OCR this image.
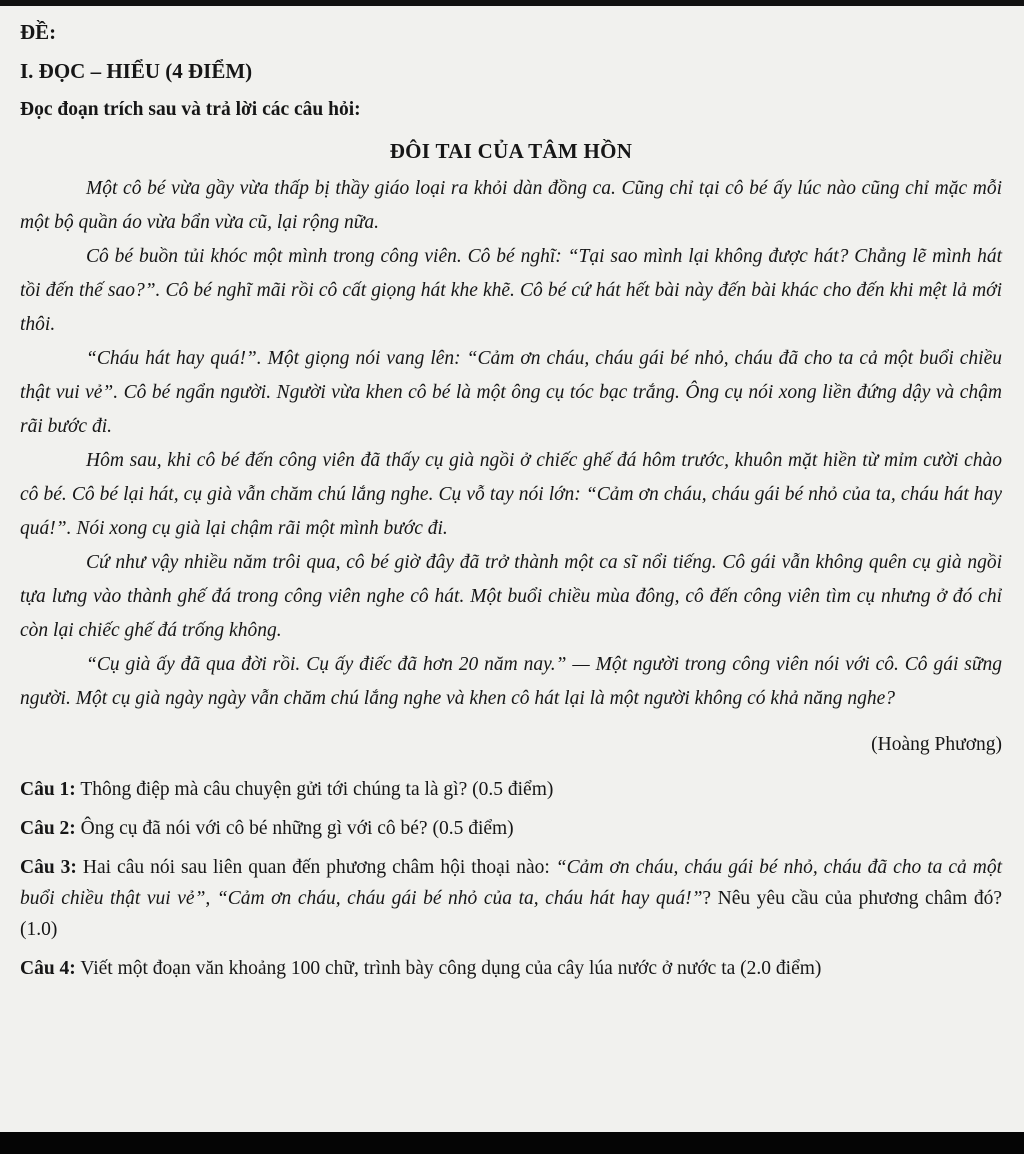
ĐỀ:
I. ĐỌC – HIỂU (4 ĐIỂM)
Đọc đoạn trích sau và trả lời các câu hỏi:
ĐÔI TAI CỦA TÂM HỒN

Một cô bé vừa gầy vừa thấp bị thầy giáo loại ra khỏi dàn đồng ca. Cũng chỉ tại cô bé ấy lúc nào cũng chỉ mặc mỗi một bộ quần áo vừa bẩn vừa cũ, lại rộng nữa.

Cô bé buồn tủi khóc một mình trong công viên. Cô bé nghĩ: “Tại sao mình lại không được hát? Chẳng lẽ mình hát tồi đến thế sao?”. Cô bé nghĩ mãi rồi cô cất giọng hát khe khẽ. Cô bé cứ hát hết bài này đến bài khác cho đến khi mệt lả mới thôi.

“Cháu hát hay quá!”. Một giọng nói vang lên: “Cảm ơn cháu, cháu gái bé nhỏ, cháu đã cho ta cả một buổi chiều thật vui vẻ”. Cô bé ngẩn người. Người vừa khen cô bé là một ông cụ tóc bạc trắng. Ông cụ nói xong liền đứng dậy và chậm rãi bước đi.

Hôm sau, khi cô bé đến công viên đã thấy cụ già ngồi ở chiếc ghế đá hôm trước, khuôn mặt hiền từ mỉm cười chào cô bé. Cô bé lại hát, cụ già vẫn chăm chú lắng nghe. Cụ vỗ tay nói lớn: “Cảm ơn cháu, cháu gái bé nhỏ của ta, cháu hát hay quá!”. Nói xong cụ già lại chậm rãi một mình bước đi.

Cứ như vậy nhiều năm trôi qua, cô bé giờ đây đã trở thành một ca sĩ nổi tiếng. Cô gái vẫn không quên cụ già ngồi tựa lưng vào thành ghế đá trong công viên nghe cô hát. Một buổi chiều mùa đông, cô đến công viên tìm cụ nhưng ở đó chỉ còn lại chiếc ghế đá trống không.

“Cụ già ấy đã qua đời rồi. Cụ ấy điếc đã hơn 20 năm nay.” — Một người trong công viên nói với cô. Cô gái sững người. Một cụ già ngày ngày vẫn chăm chú lắng nghe và khen cô hát lại là một người không có khả năng nghe?

(Hoàng Phương)
Câu 1: Thông điệp mà câu chuyện gửi tới chúng ta là gì? (0.5 điểm)
Câu 2: Ông cụ đã nói với cô bé những gì với cô bé? (0.5 điểm)
Câu 3: Hai câu nói sau liên quan đến phương châm hội thoại nào: “Cảm ơn cháu, cháu gái bé nhỏ, cháu đã cho ta cả một buổi chiều thật vui vẻ”, “Cảm ơn cháu, cháu gái bé nhỏ của ta, cháu hát hay quá!”? Nêu yêu cầu của phương châm đó? (1.0)
Câu 4: Viết một đoạn văn khoảng 100 chữ, trình bày công dụng của cây lúa nước ở nước ta (2.0 điểm)
